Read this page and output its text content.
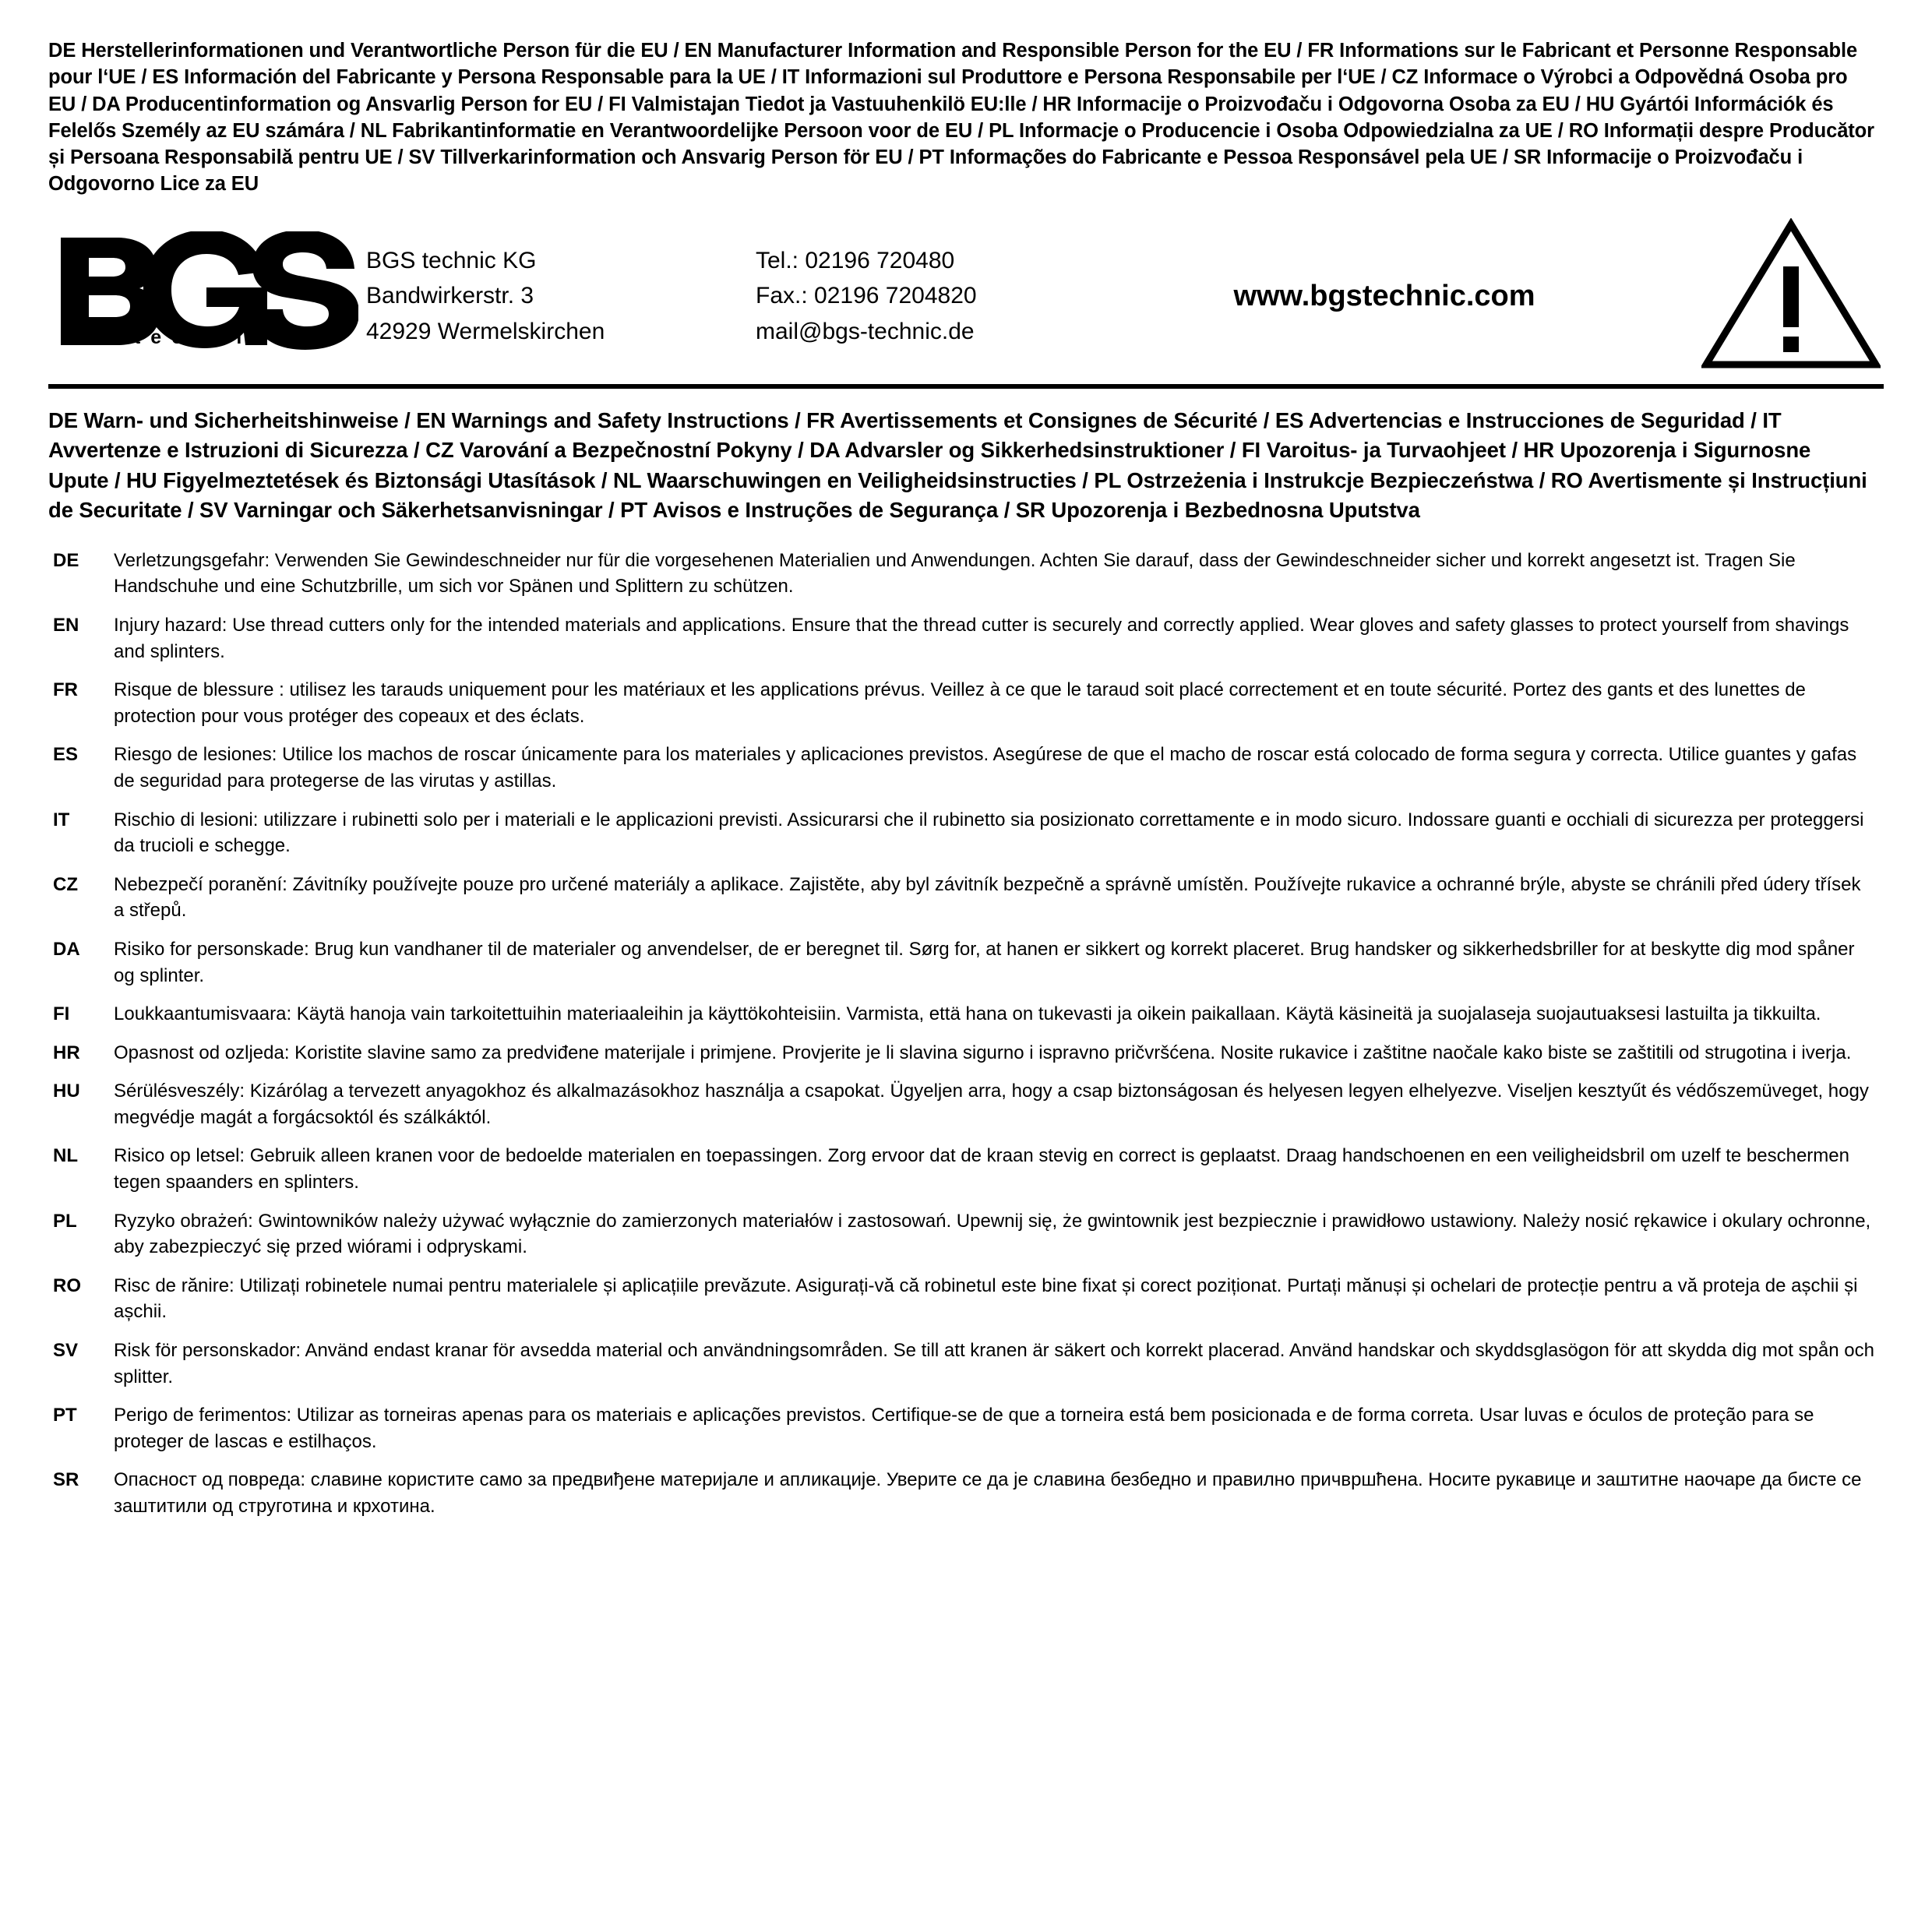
DE Herstellerinformationen und Verantwortliche Person für die EU / EN Manufacturer Information and Responsible Person for the EU / FR Informations sur le Fabricant et Personne Responsable pour l‘UE / ES Información del Fabricante y Persona Responsable para la UE / IT Informazioni sul Produttore e Persona Responsabile per l‘UE / CZ Informace o Výrobci a Odpovědná Osoba pro EU / DA Producentinformation og Ansvarlig Person for EU / FI Valmistajan Tiedot ja Vastuuhenkilö EU:lle / HR Informacije o Proizvođaču i Odgovorna Osoba za EU / HU Gyártói Információk és Felelős Személy az EU számára / NL Fabrikantinformatie en Verantwoordelijke Persoon voor de EU / PL Informacje o Producencie i Osoba Odpowiedzialna za UE / RO Informații despre Producător și Persoana Responsabilă pentru UE / SV Tillverkarinformation och Ansvarig Person för EU / PT Informações do Fabricante e Pessoa Responsável pela UE / SR Informacije o Proizvođaču i Odgovorno Lice za EU
®
t e c h n i c
BGS technic KG
Bandwirkerstr. 3
42929 Wermelskirchen
Tel.: 02196 720480
Fax.: 02196 7204820
mail@bgs-technic.de
www.bgstechnic.com
DE Warn- und Sicherheitshinweise / EN Warnings and Safety Instructions / FR Avertissements et Consignes de Sécurité / ES Advertencias e Instrucciones de Seguridad / IT Avvertenze e Istruzioni di Sicurezza / CZ Varování a Bezpečnostní Pokyny / DA Advarsler og Sikkerhedsinstruktioner / FI Varoitus- ja Turvaohjeet / HR Upozorenja i Sigurnosne Upute / HU Figyelmeztetések és Biztonsági Utasítások / NL Waarschuwingen en Veiligheidsinstructies / PL Ostrzeżenia i Instrukcje Bezpieczeństwa / RO Avertismente și Instrucțiuni de Securitate / SV Varningar och Säkerhetsanvisningar / PT Avisos e Instruções de Segurança / SR Upozorenja i Bezbednosna Uputstva
DE	Verletzungsgefahr: Verwenden Sie Gewindeschneider nur für die vorgesehenen Materialien und Anwendungen. Achten Sie darauf, dass der Gewindeschneider sicher und korrekt angesetzt ist. Tragen Sie Handschuhe und eine Schutzbrille, um sich vor Spänen und Splittern zu schützen.
EN	Injury hazard: Use thread cutters only for the intended materials and applications. Ensure that the thread cutter is securely and correctly applied. Wear gloves and safety glasses to protect yourself from shavings and splinters.
FR	Risque de blessure : utilisez les tarauds uniquement pour les matériaux et les applications prévus. Veillez à ce que le taraud soit placé correctement et en toute sécurité. Portez des gants et des lunettes de protection pour vous protéger des copeaux et des éclats.
ES	Riesgo de lesiones: Utilice los machos de roscar únicamente para los materiales y aplicaciones previstos. Asegúrese de que el macho de roscar está colocado de forma segura y correcta. Utilice guantes y gafas de seguridad para protegerse de las virutas y astillas.
IT	Rischio di lesioni: utilizzare i rubinetti solo per i materiali e le applicazioni previsti. Assicurarsi che il rubinetto sia posizionato correttamente e in modo sicuro. Indossare guanti e occhiali di sicurezza per proteggersi da trucioli e schegge.
CZ	Nebezpečí poranění: Závitníky používejte pouze pro určené materiály a aplikace. Zajistěte, aby byl závitník bezpečně a správně umístěn. Používejte rukavice a ochranné brýle, abyste se chránili před údery třísek a střepů.
DA	Risiko for personskade: Brug kun vandhaner til de materialer og anvendelser, de er beregnet til. Sørg for, at hanen er sikkert og korrekt placeret. Brug handsker og sikkerhedsbriller for at beskytte dig mod spåner og splinter.
FI	Loukkaantumisvaara: Käytä hanoja vain tarkoitettuihin materiaaleihin ja käyttökohteisiin. Varmista, että hana on tukevasti ja oikein paikallaan. Käytä käsineitä ja suojalaseja suojautuaksesi lastuilta ja tikkuilta.
HR	Opasnost od ozljeda: Koristite slavine samo za predviđene materijale i primjene. Provjerite je li slavina sigurno i ispravno pričvršćena. Nosite rukavice i zaštitne naočale kako biste se zaštitili od strugotina i iverja.
HU	Sérülésveszély: Kizárólag a tervezett anyagokhoz és alkalmazásokhoz használja a csapokat. Ügyeljen arra, hogy a csap biztonságosan és helyesen legyen elhelyezve. Viseljen kesztyűt és védőszemüveget, hogy megvédje magát a forgácsoktól és szálkáktól.
NL	Risico op letsel: Gebruik alleen kranen voor de bedoelde materialen en toepassingen. Zorg ervoor dat de kraan stevig en correct is geplaatst. Draag handschoenen en een veiligheidsbril om uzelf te beschermen tegen spaanders en splinters.
PL	Ryzyko obrażeń: Gwintowników należy używać wyłącznie do zamierzonych materiałów i zastosowań. Upewnij się, że gwintownik jest bezpiecznie i prawidłowo ustawiony. Należy nosić rękawice i okulary ochronne, aby zabezpieczyć się przed wiórami i odpryskami.
RO	Risc de rănire: Utilizați robinetele numai pentru materialele și aplicațiile prevăzute. Asigurați-vă că robinetul este bine fixat și corect poziționat. Purtați mănuși și ochelari de protecție pentru a vă proteja de așchii și așchii.
SV	Risk för personskador: Använd endast kranar för avsedda material och användningsområden. Se till att kranen är säkert och korrekt placerad. Använd handskar och skyddsglasögon för att skydda dig mot spån och splitter.
PT	Perigo de ferimentos: Utilizar as torneiras apenas para os materiais e aplicações previstos. Certifique-se de que a torneira está bem posicionada e de forma correta. Usar luvas e óculos de proteção para se proteger de lascas e estilhaços.
SR	Опасност од повреда: славине користите само за предвиђене материјале и апликације. Уверите се да је славина безбедно и правилно причвршћена. Носите рукавице и заштитне наочаре да бисте се заштитили од струготина и крхотина.
